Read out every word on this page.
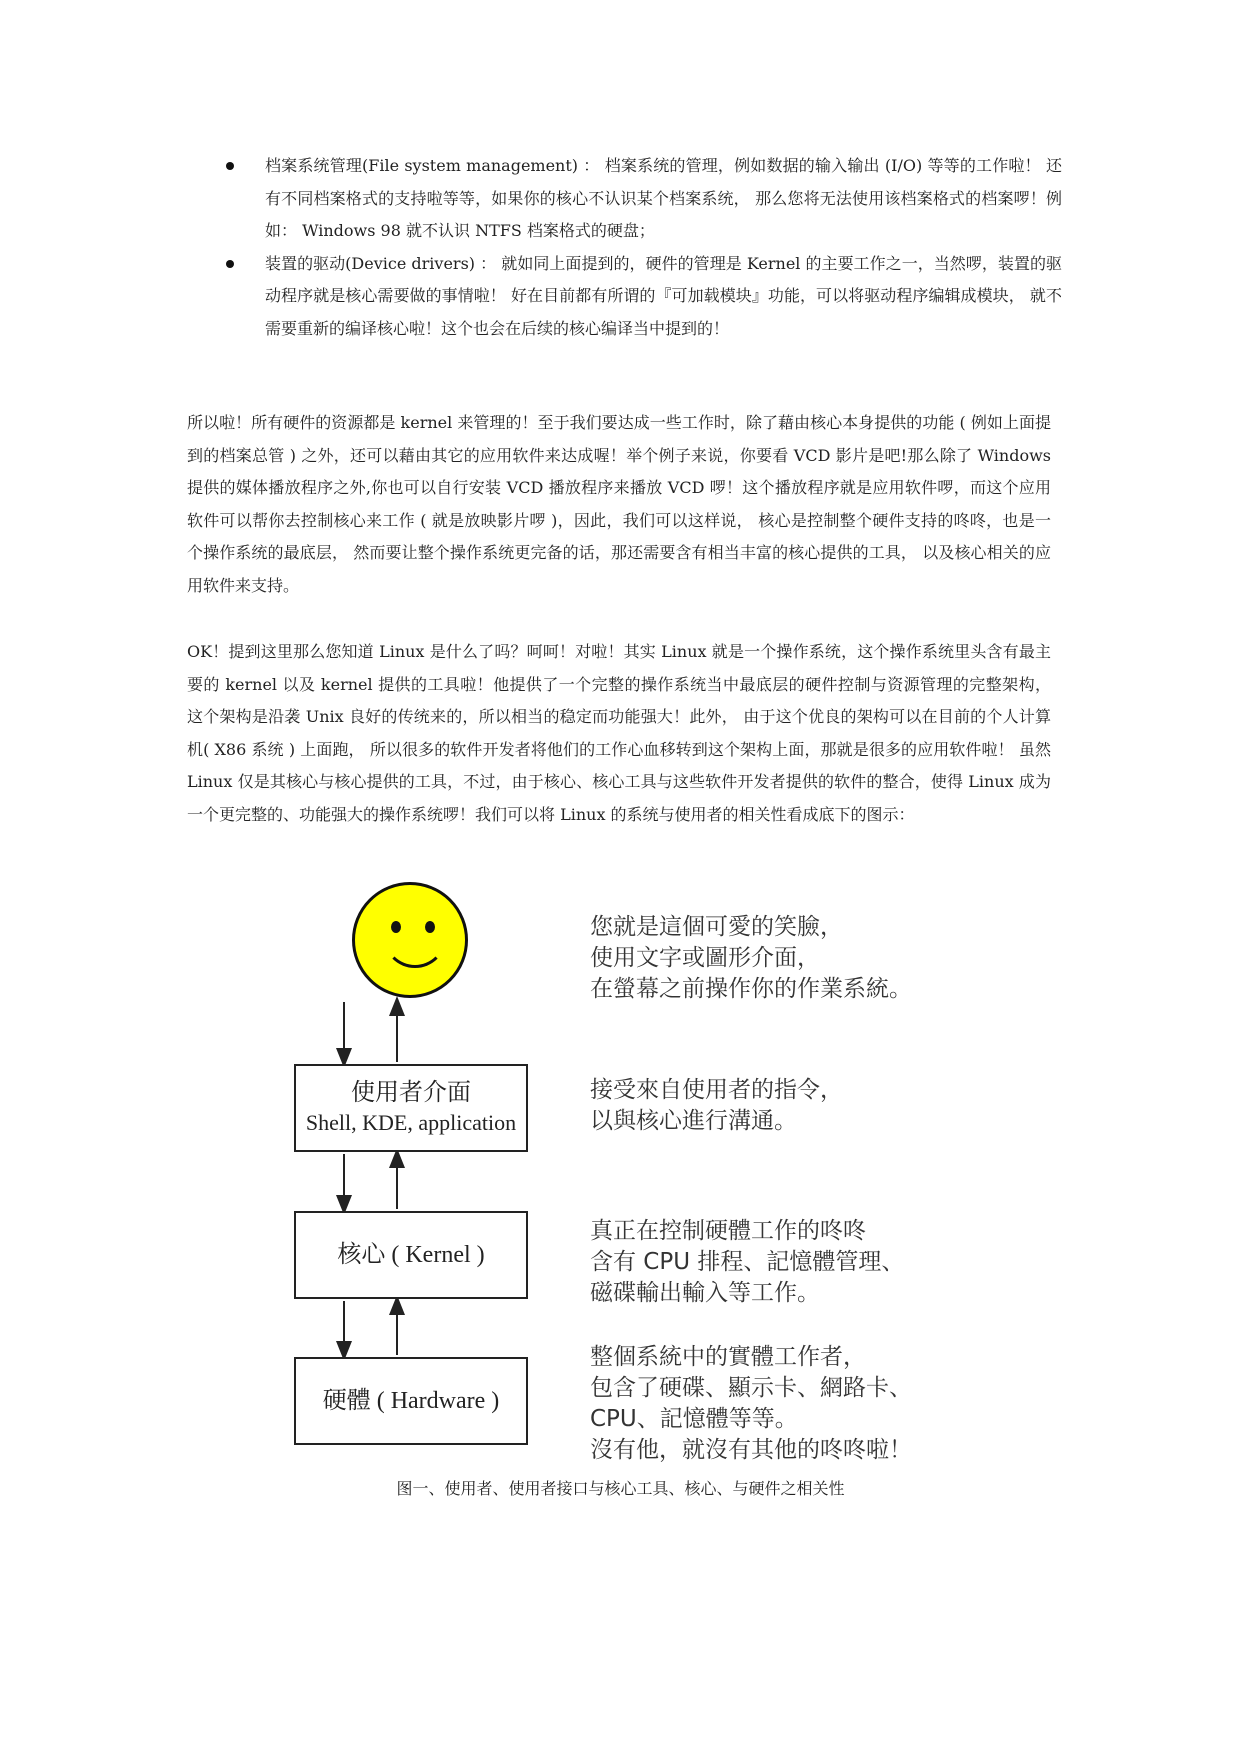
档案系统管理(File system management) ： 档案系统的管理，例如数据的输入输出 (I/O) 等等的工作啦！ 还有不同档案格式的支持啦等等，如果你的核心不认识某个档案系统， 那么您将无法使用该档案格式的档案啰！例如： Windows 98 就不认识 NTFS 档案格式的硬盘；
装置的驱动(Device drivers) ： 就如同上面提到的，硬件的管理是 Kernel 的主要工作之一，当然啰，装置的驱动程序就是核心需要做的事情啦！ 好在目前都有所谓的『可加载模块』功能，可以将驱动程序编辑成模块， 就不需要重新的编译核心啦！这个也会在后续的核心编译当中提到的！

所以啦！所有硬件的资源都是 kernel 来管理的！至于我们要达成一些工作时，除了藉由核心本身提供的功能 ( 例如上面提到的档案总管 ) 之外，还可以藉由其它的应用软件来达成喔！举个例子来说，你要看 VCD 影片是吧!那么除了 Windows 提供的媒体播放程序之外,你也可以自行安装 VCD 播放程序来播放 VCD 啰！这个播放程序就是应用软件啰，而这个应用软件可以帮你去控制核心来工作 ( 就是放映影片啰 )，因此，我们可以这样说， 核心是控制整个硬件支持的咚咚，也是一个操作系统的最底层， 然而要让整个操作系统更完备的话，那还需要含有相当丰富的核心提供的工具， 以及核心相关的应用软件来支持。

OK！提到这里那么您知道 Linux 是什么了吗？呵呵！对啦！其实 Linux 就是一个操作系统，这个操作系统里头含有最主要的 kernel 以及 kernel 提供的工具啦！他提供了一个完整的操作系统当中最底层的硬件控制与资源管理的完整架构， 这个架构是沿袭 Unix 良好的传统来的，所以相当的稳定而功能强大！此外， 由于这个优良的架构可以在目前的个人计算机( X86 系统 ) 上面跑， 所以很多的软件开发者将他们的工作心血移转到这个架构上面，那就是很多的应用软件啦！ 虽然 Linux 仅是其核心与核心提供的工具，不过，由于核心、核心工具与这些软件开发者提供的软件的整合，使得 Linux 成为一个更完整的、功能强大的操作系统啰！我们可以将 Linux 的系统与使用者的相关性看成底下的图示：

使用者介面
Shell, KDE, application
核心 ( Kernel )
硬體 ( Hardware )
您就是這個可愛的笑臉，
使用文字或圖形介面，
在螢幕之前操作你的作業系統。
接受來自使用者的指令，
以與核心進行溝通。
真正在控制硬體工作的咚咚
含有 CPU 排程、記憶體管理、
磁碟輸出輸入等工作。
整個系統中的實體工作者，
包含了硬碟、顯示卡、網路卡、
CPU、記憶體等等。
沒有他，就沒有其他的咚咚啦！
图一、使用者、使用者接口与核心工具、核心、与硬件之相关性
